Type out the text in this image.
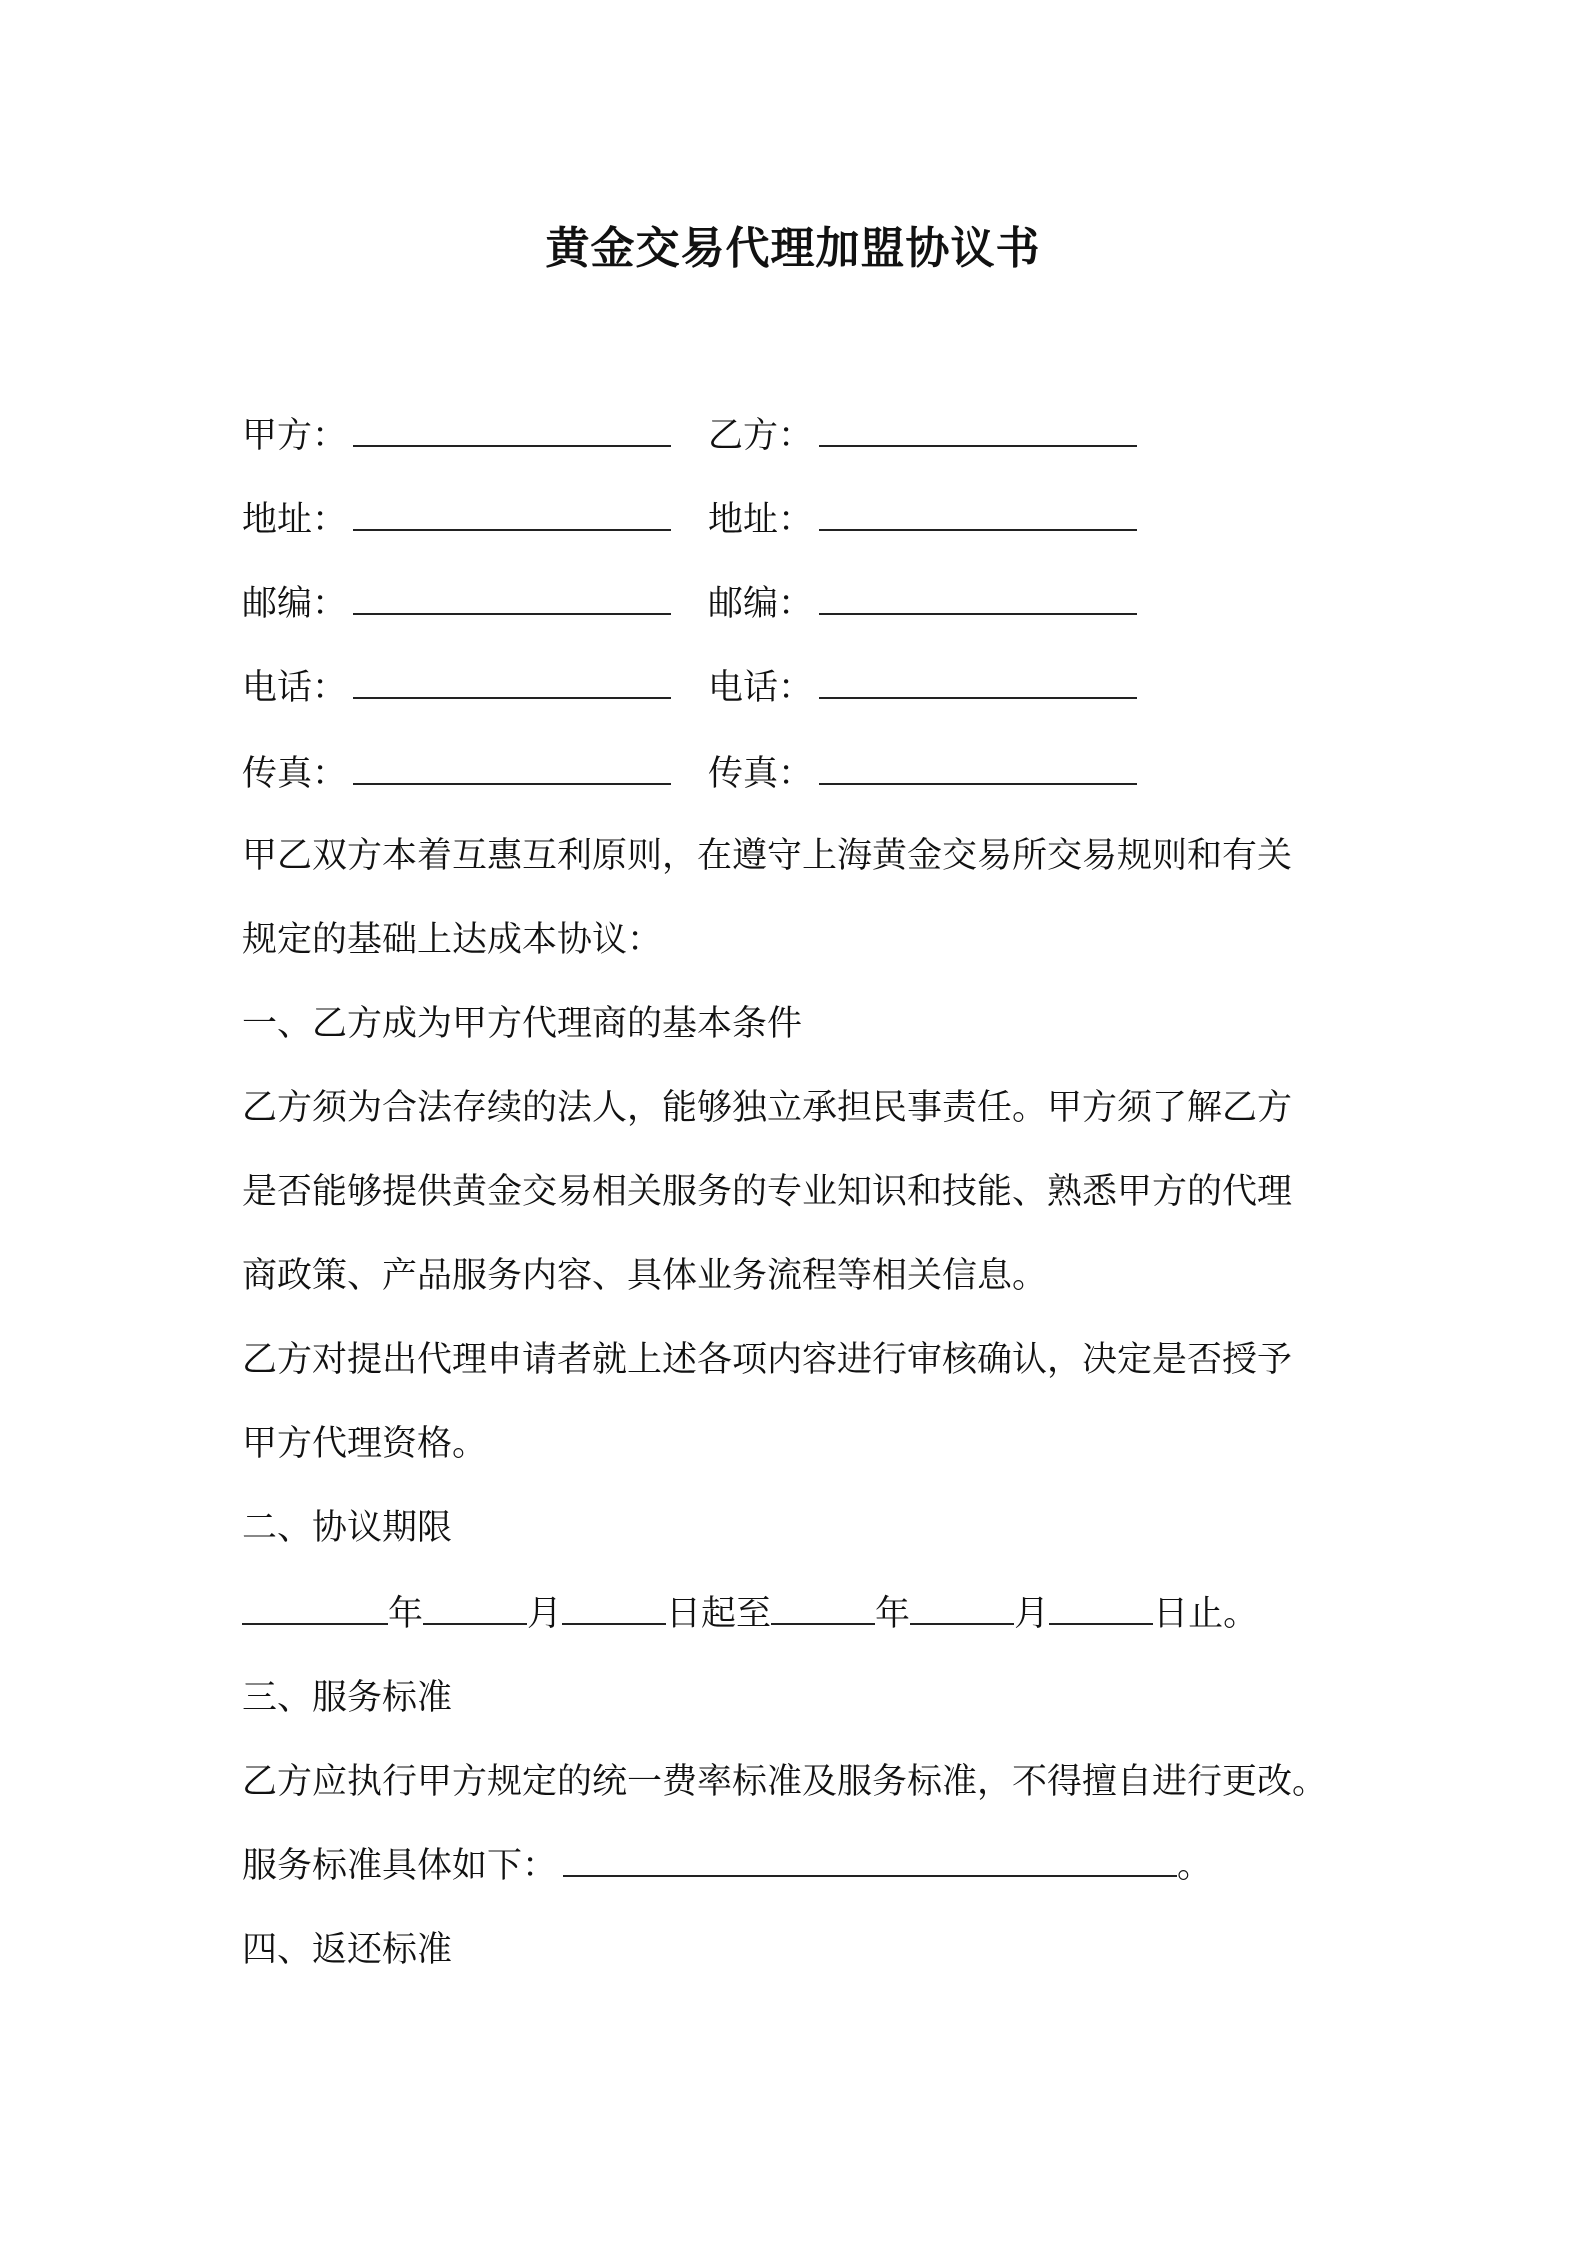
黄金交易代理加盟协议书
甲方：	乙方：
地址：	地址：
邮编：	邮编：
电话：	电话：
传真：	传真：
甲乙双方本着互惠互利原则，在遵守上海黄金交易所交易规则和有关
规定的基础上达成本协议：
一、乙方成为甲方代理商的基本条件
乙方须为合法存续的法人，能够独立承担民事责任。甲方须了解乙方
是否能够提供黄金交易相关服务的专业知识和技能、熟悉甲方的代理
商政策、产品服务内容、具体业务流程等相关信息。
乙方对提出代理申请者就上述各项内容进行审核确认，决定是否授予
甲方代理资格。
二、协议期限
年	月	日起至	年	月	日止。
三、服务标准
乙方应执行甲方规定的统一费率标准及服务标准，不得擅自进行更改。
服务标准具体如下：	。
四、返还标准
